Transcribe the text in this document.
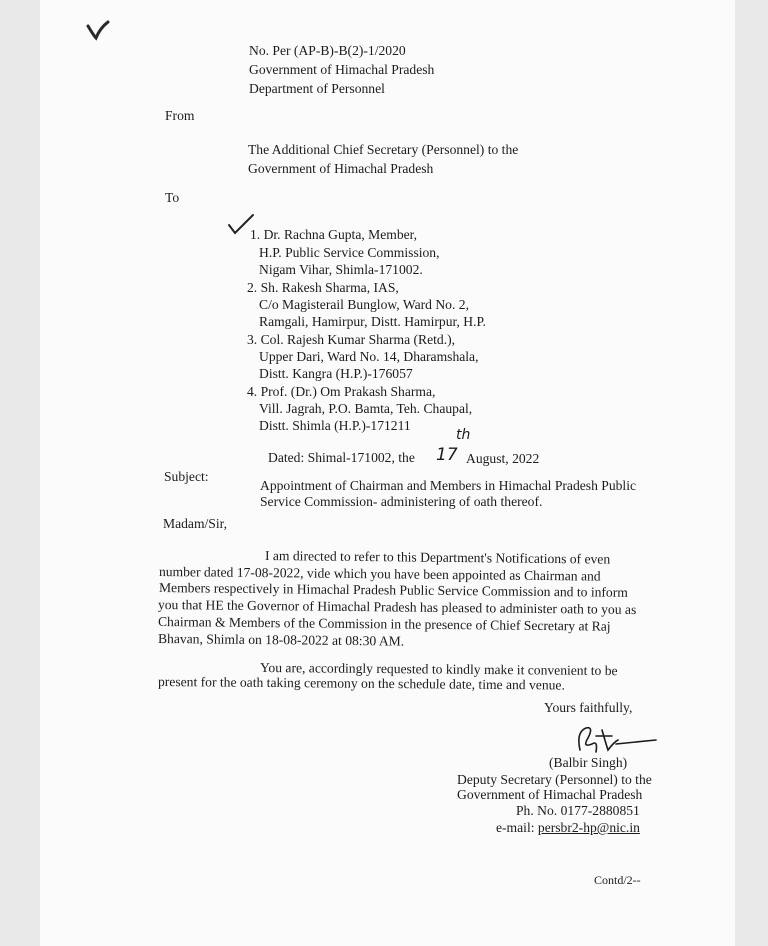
No. Per (AP-B)-B(2)-1/2020
Government of Himachal Pradesh
Department of Personnel
From
The Additional Chief Secretary (Personnel) to the
Government of Himachal Pradesh
To
1. Dr. Rachna Gupta, Member,
H.P. Public Service Commission,
Nigam Vihar, Shimla-171002.
2. Sh. Rakesh Sharma, IAS,
C/o Magisterail Bunglow, Ward No. 2,
Ramgali, Hamirpur, Distt. Hamirpur, H.P.
3. Col. Rajesh Kumar Sharma (Retd.),
Upper Dari, Ward No. 14, Dharamshala,
Distt. Kangra (H.P.)-176057
4. Prof. (Dr.) Om Prakash Sharma,
Vill. Jagrah, P.O. Bamta, Teh. Chaupal,
Distt. Shimla (H.P.)-171211
Dated: Shimal-171002, the 17
th
August, 2022
Subject:
Appointment of Chairman and Members in Himachal Pradesh Public
Service Commission- administering of oath thereof.
Madam/Sir,
I am directed to refer to this Department's Notifications of even
number dated 17-08-2022, vide which you have been appointed as Chairman and
Members respectively in Himachal Pradesh Public Service Commission and to inform
you that HE the Governor of Himachal Pradesh has pleased to administer oath to you as
Chairman & Members of the Commission in the presence of Chief Secretary at Raj
Bhavan, Shimla on 18-08-2022 at 08:30 AM.
You are, accordingly requested to kindly make it convenient to be
present for the oath taking ceremony on the schedule date, time and venue.
Yours faithfully,
(Balbir Singh)
Deputy Secretary (Personnel) to the
Government of Himachal Pradesh
Ph. No. 0177-2880851
e-mail: persbr2-hp@nic.in
Contd/2--
